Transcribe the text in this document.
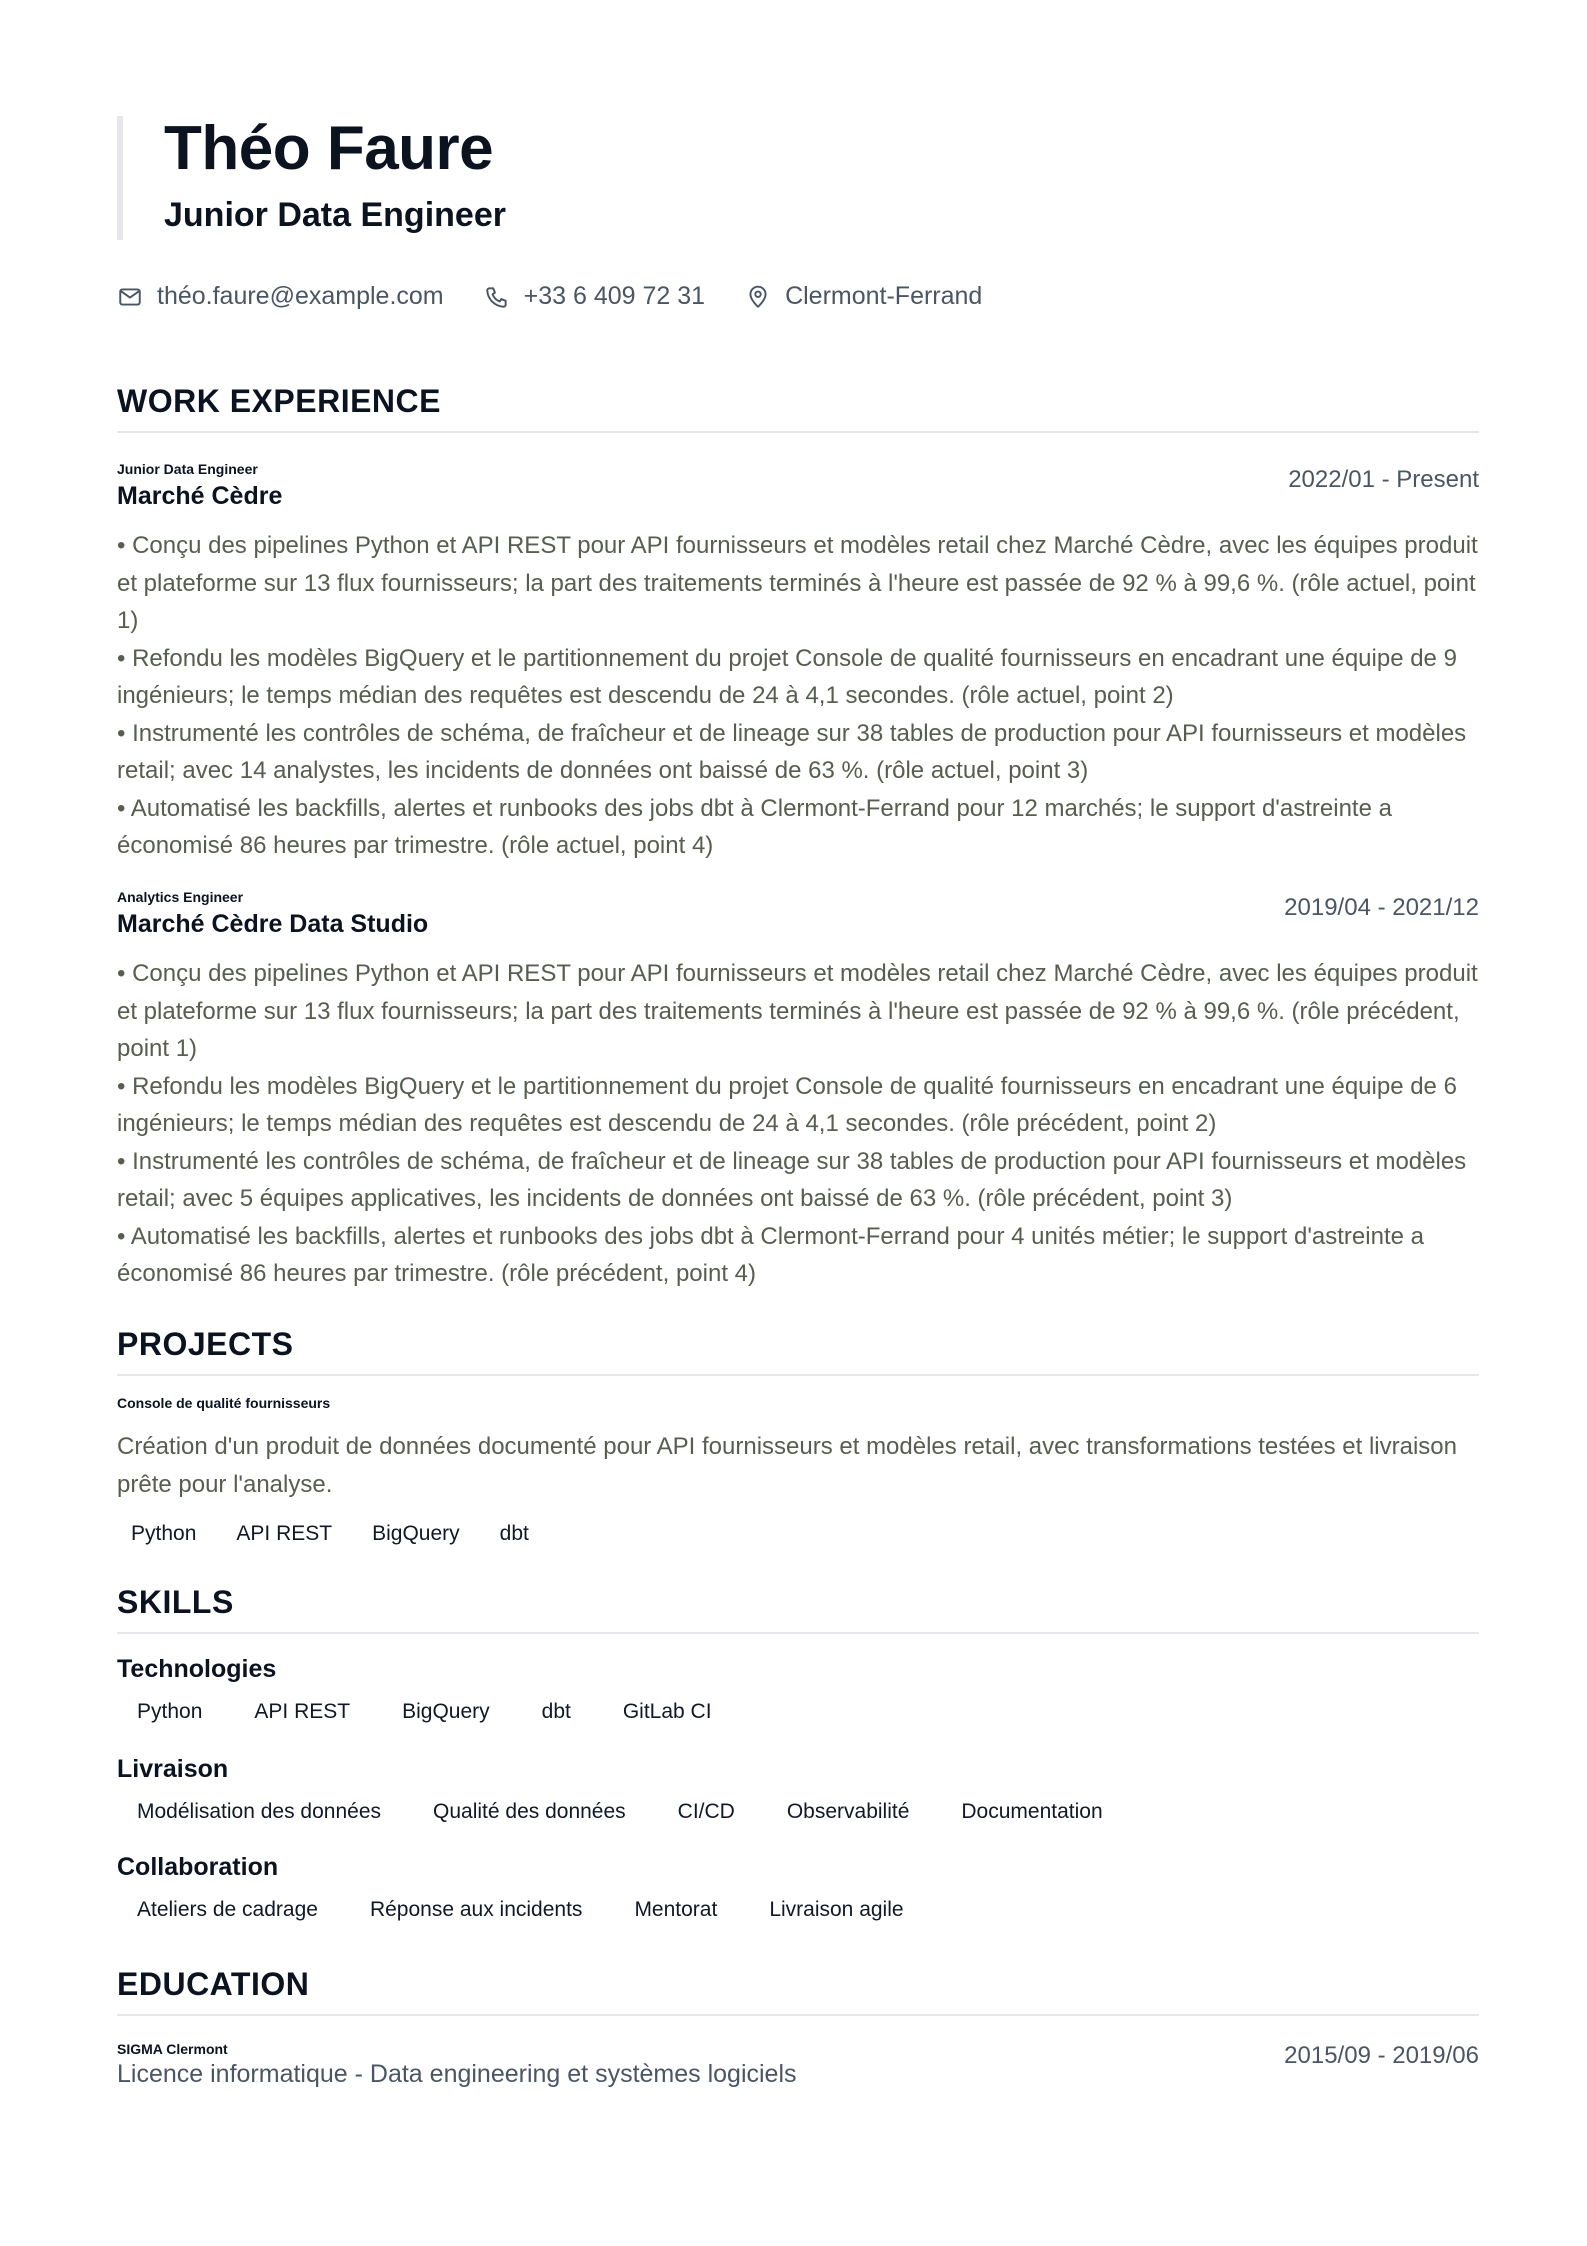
Théo Faure
Junior Data Engineer
théo.faure@example.com	+33 6 409 72 31	Clermont-Ferrand
WORK EXPERIENCE
Junior Data Engineer
Marché Cèdre
2022/01 - Present
• Conçu des pipelines Python et API REST pour API fournisseurs et modèles retail chez Marché Cèdre, avec les équipes produit et plateforme sur 13 flux fournisseurs; la part des traitements terminés à l'heure est passée de 92 % à 99,6 %. (rôle actuel, point 1)
• Refondu les modèles BigQuery et le partitionnement du projet Console de qualité fournisseurs en encadrant une équipe de 9 ingénieurs; le temps médian des requêtes est descendu de 24 à 4,1 secondes. (rôle actuel, point 2)
• Instrumenté les contrôles de schéma, de fraîcheur et de lineage sur 38 tables de production pour API fournisseurs et modèles retail; avec 14 analystes, les incidents de données ont baissé de 63 %. (rôle actuel, point 3)
• Automatisé les backfills, alertes et runbooks des jobs dbt à Clermont-Ferrand pour 12 marchés; le support d'astreinte a économisé 86 heures par trimestre. (rôle actuel, point 4)
Analytics Engineer
Marché Cèdre Data Studio
2019/04 - 2021/12
• Conçu des pipelines Python et API REST pour API fournisseurs et modèles retail chez Marché Cèdre, avec les équipes produit et plateforme sur 13 flux fournisseurs; la part des traitements terminés à l'heure est passée de 92 % à 99,6 %. (rôle précédent, point 1)
• Refondu les modèles BigQuery et le partitionnement du projet Console de qualité fournisseurs en encadrant une équipe de 6 ingénieurs; le temps médian des requêtes est descendu de 24 à 4,1 secondes. (rôle précédent, point 2)
• Instrumenté les contrôles de schéma, de fraîcheur et de lineage sur 38 tables de production pour API fournisseurs et modèles retail; avec 5 équipes applicatives, les incidents de données ont baissé de 63 %. (rôle précédent, point 3)
• Automatisé les backfills, alertes et runbooks des jobs dbt à Clermont-Ferrand pour 4 unités métier; le support d'astreinte a économisé 86 heures par trimestre. (rôle précédent, point 4)
PROJECTS
Console de qualité fournisseurs
Création d'un produit de données documenté pour API fournisseurs et modèles retail, avec transformations testées et livraison prête pour l'analyse.
Python	API REST	BigQuery	dbt
SKILLS
Technologies
Python	API REST	BigQuery	dbt	GitLab CI
Livraison
Modélisation des données	Qualité des données	CI/CD	Observabilité	Documentation
Collaboration
Ateliers de cadrage	Réponse aux incidents	Mentorat	Livraison agile
EDUCATION
SIGMA Clermont
Licence informatique - Data engineering et systèmes logiciels
2015/09 - 2019/06
